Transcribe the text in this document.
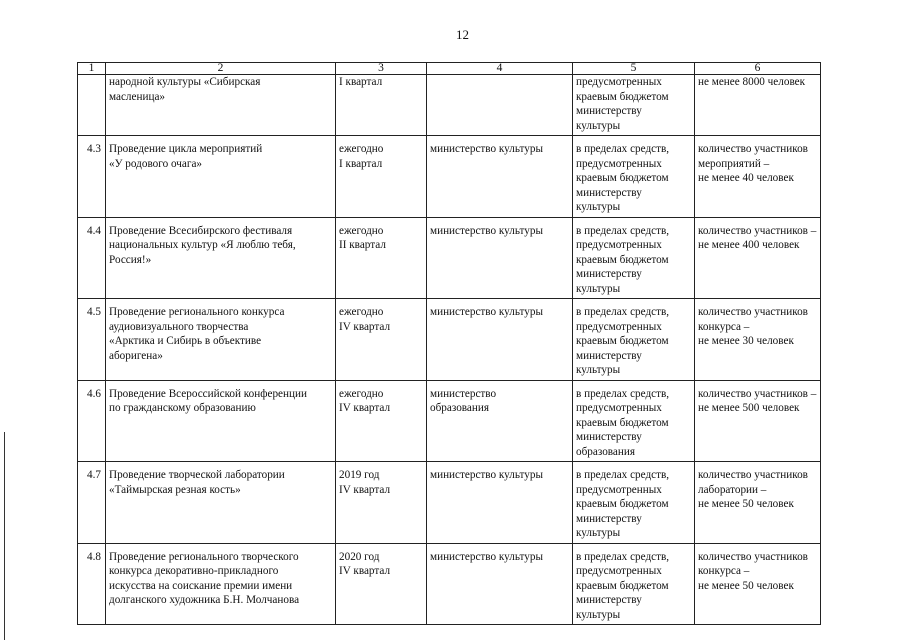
12
1	2	3	4	5	6
	народной культуры «Сибирская
масленица»	I квартал		предусмотренных
краевым бюджетом
министерству
культуры	не менее 8000 человек
4.3	Проведение цикла мероприятий
«У родового очага»	ежегодно
I квартал	министерство культуры	в пределах средств,
предусмотренных
краевым бюджетом
министерству
культуры	количество участников
мероприятий –
не менее 40 человек
4.4	Проведение Всесибирского фестиваля
национальных культур «Я люблю тебя,
Россия!»	ежегодно
II квартал	министерство культуры	в пределах средств,
предусмотренных
краевым бюджетом
министерству
культуры	количество участников –
не менее 400 человек
4.5	Проведение регионального конкурса
аудиовизуального творчества
«Арктика и Сибирь в объективе
аборигена»	ежегодно
IV квартал	министерство культуры	в пределах средств,
предусмотренных
краевым бюджетом
министерству
культуры	количество участников
конкурса –
не менее 30 человек
4.6	Проведение Всероссийской конференции
по гражданскому образованию	ежегодно
IV квартал	министерство
образования	в пределах средств,
предусмотренных
краевым бюджетом
министерству
образования	количество участников –
не менее 500 человек
4.7	Проведение творческой лаборатории
«Таймырская резная кость»	2019 год
IV квартал	министерство культуры	в пределах средств,
предусмотренных
краевым бюджетом
министерству
культуры	количество участников
лаборатории –
не менее 50 человек
4.8	Проведение регионального творческого
конкурса декоративно-прикладного
искусства на соискание премии имени
долганского художника Б.Н. Молчанова	2020 год
IV квартал	министерство культуры	в пределах средств,
предусмотренных
краевым бюджетом
министерству
культуры	количество участников
конкурса –
не менее 50 человек
